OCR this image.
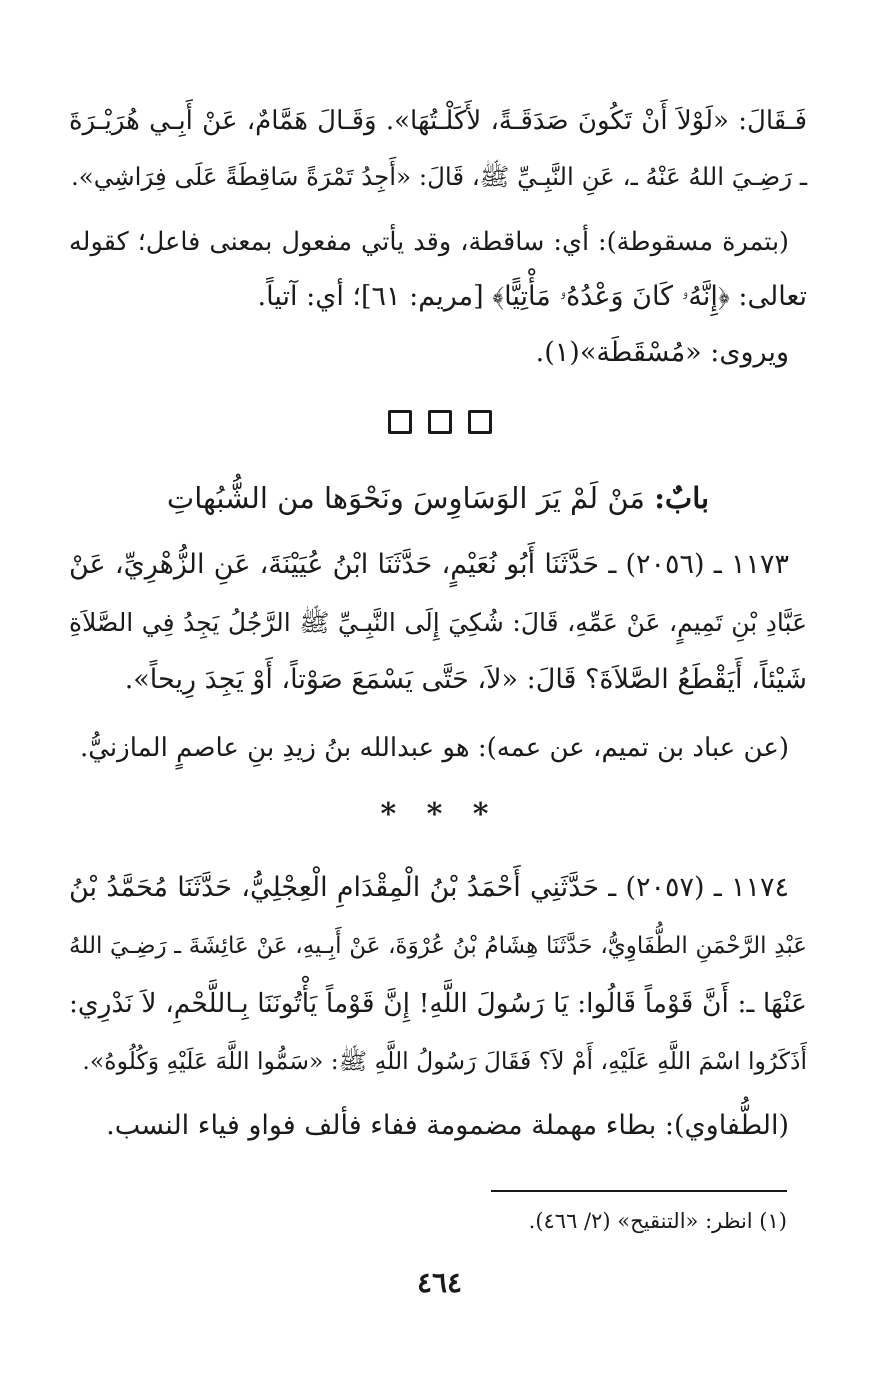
فَـقَالَ: «لَوْلاَ أَنْ تَكُونَ صَدَقَـةً، لأَكَلْـتُهَا». وَقَـالَ هَمَّامٌ، عَنْ أَبِـي هُرَيْـرَةَ
ـ رَضِـيَ اللهُ عَنْهُ ـ، عَنِ النَّبِـيِّ ﷺ، قَالَ: «أَجِدُ تَمْرَةً سَاقِطَةً عَلَى فِرَاشِي».
(بتمرة مسقوطة): أي: ساقطة، وقد يأتي مفعول بمعنى فاعل؛ كقوله
تعالى: ﴿إِنَّهُۥ كَانَ وَعْدُهُۥ مَأْتِيًّا﴾ [مريم: ٦١]؛ أي: آتياً.
ويروى: «مُسْقَطَة»(١).
بابٌ: مَنْ لَمْ يَرَ الوَسَاوِسَ ونَحْوَها من الشُّبُهاتِ
١١٧٣ ـ (٢٠٥٦) ـ حَدَّثَنَا أَبُو نُعَيْمٍ، حَدَّثَنَا ابْنُ عُيَيْنَةَ، عَنِ الزُّهْرِيِّ، عَنْ
عَبَّادِ بْنِ تَمِيمٍ، عَنْ عَمِّهِ، قَالَ: شُكِيَ إِلَى النَّبِـيِّ ﷺ الرَّجُلُ يَجِدُ فِي الصَّلاَةِ
شَيْئاً، أَيَقْطَعُ الصَّلاَةَ؟ قَالَ: «لاَ، حَتَّى يَسْمَعَ صَوْتاً، أَوْ يَجِدَ رِيحاً».
(عن عباد بن تميم، عن عمه): هو عبدالله بنُ زيدِ بنِ عاصمٍ المازنيُّ.
* * *
١١٧٤ ـ (٢٠٥٧) ـ حَدَّثَنِي أَحْمَدُ بْنُ الْمِقْدَامِ الْعِجْلِيُّ، حَدَّثَنَا مُحَمَّدُ بْنُ
عَبْدِ الرَّحْمَنِ الطُّفَاوِيُّ، حَدَّثَنَا هِشَامُ بْنُ عُرْوَةَ، عَنْ أَبِـيهِ، عَنْ عَائِشَةَ ـ رَضِـيَ اللهُ
عَنْهَا ـ: أَنَّ قَوْماً قَالُوا: يَا رَسُولَ اللَّهِ! إِنَّ قَوْماً يَأْتُونَنَا بِـاللَّحْمِ، لاَ نَدْرِي:
أَذَكَرُوا اسْمَ اللَّهِ عَلَيْهِ، أَمْ لاَ؟ فَقَالَ رَسُولُ اللَّهِ ﷺ: «سَمُّوا اللَّهَ عَلَيْهِ وَكُلُوهُ».
(الطُّفاوي): بطاء مهملة مضمومة ففاء فألف فواو فياء النسب.
(١) انظر: «التنقيح» (٢/ ٤٦٦).
٤٦٤
